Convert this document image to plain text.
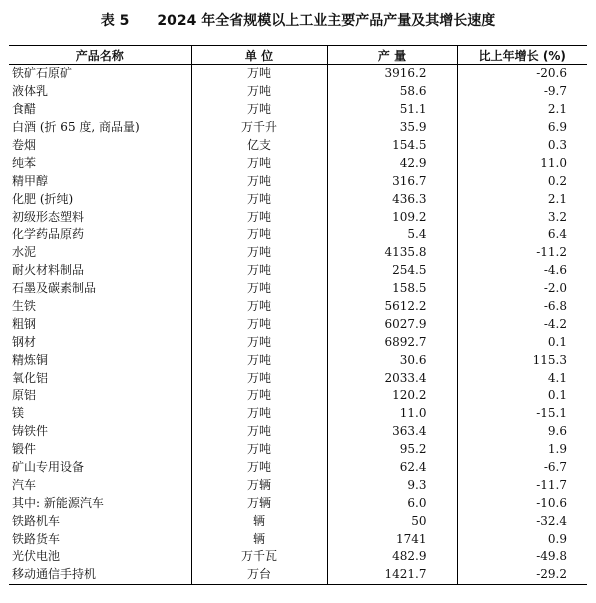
表 5 2024 年全省规模以上工业主要产品产量及其增长速度
产品名称	单 位	产 量	比上年增长 (%)
铁矿石原矿	万吨	3916.2	-20.6
液体乳	万吨	58.6	-9.7
食醋	万吨	51.1	2.1
白酒 (折 65 度, 商品量)	万千升	35.9	6.9
卷烟	亿支	154.5	0.3
纯苯	万吨	42.9	11.0
精甲醇	万吨	316.7	0.2
化肥 (折纯)	万吨	436.3	2.1
初级形态塑料	万吨	109.2	3.2
化学药品原药	万吨	5.4	6.4
水泥	万吨	4135.8	-11.2
耐火材料制品	万吨	254.5	-4.6
石墨及碳素制品	万吨	158.5	-2.0
生铁	万吨	5612.2	-6.8
粗钢	万吨	6027.9	-4.2
钢材	万吨	6892.7	0.1
精炼铜	万吨	30.6	115.3
氧化铝	万吨	2033.4	4.1
原铝	万吨	120.2	0.1
镁	万吨	11.0	-15.1
铸铁件	万吨	363.4	9.6
锻件	万吨	95.2	1.9
矿山专用设备	万吨	62.4	-6.7
汽车	万辆	9.3	-11.7
其中: 新能源汽车	万辆	6.0	-10.6
铁路机车	辆	50	-32.4
铁路货车	辆	1741	0.9
光伏电池	万千瓦	482.9	-49.8
移动通信手持机	万台	1421.7	-29.2
